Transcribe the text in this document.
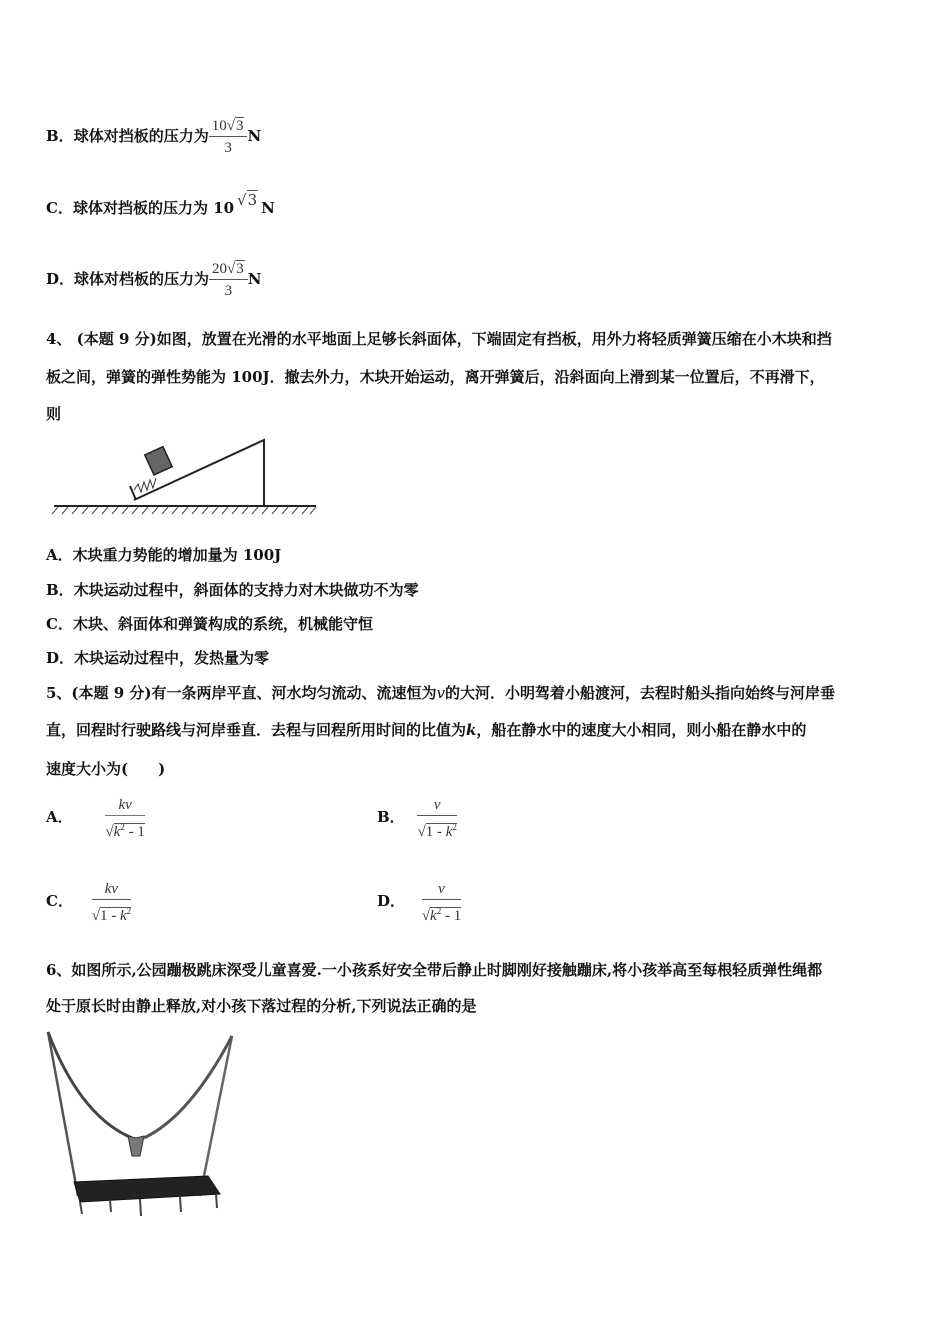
B．球体对挡板的压力为 $\frac{10√3}{3}$ N
C．球体对挡板的压力为 10 √3 N
D．球体对档板的压力为 $\frac{20√3}{3}$ N
4、 (本题 9 分)如图，放置在光滑的水平地面上足够长斜面体，下端固定有挡板，用外力将轻质弹簧压缩在小木块和挡
板之间，弹簧的弹性势能为 100J．撤去外力，木块开始运动，离开弹簧后，沿斜面向上滑到某一位置后，不再滑下，
则
A．木块重力势能的增加量为 100J
B．木块运动过程中，斜面体的支持力对木块做功不为零
C．木块、斜面体和弹簧构成的系统，机械能守恒
D．木块运动过程中，发热量为零
5、(本题 9 分)有一条两岸平直、河水均匀流动、流速恒为v的大河．小明驾着小船渡河，去程时船头指向始终与河岸垂
直，回程时行驶路线与河岸垂直．去程与回程所用时间的比值为k，船在静水中的速度大小相同，则小船在静水中的
速度大小为(　　)
A． $\frac{kv}{√k^2 - 1}$	B． $\frac{v}{√1 - k^2}$
C． $\frac{kv}{√1 - k^2}$	D． $\frac{v}{√k^2 - 1}$
6、如图所示,公园蹦极跳床深受儿童喜爱.一小孩系好安全带后静止时脚刚好接触蹦床,将小孩举高至每根轻质弹性绳都
处于原长时由静止释放,对小孩下落过程的分析,下列说法正确的是
